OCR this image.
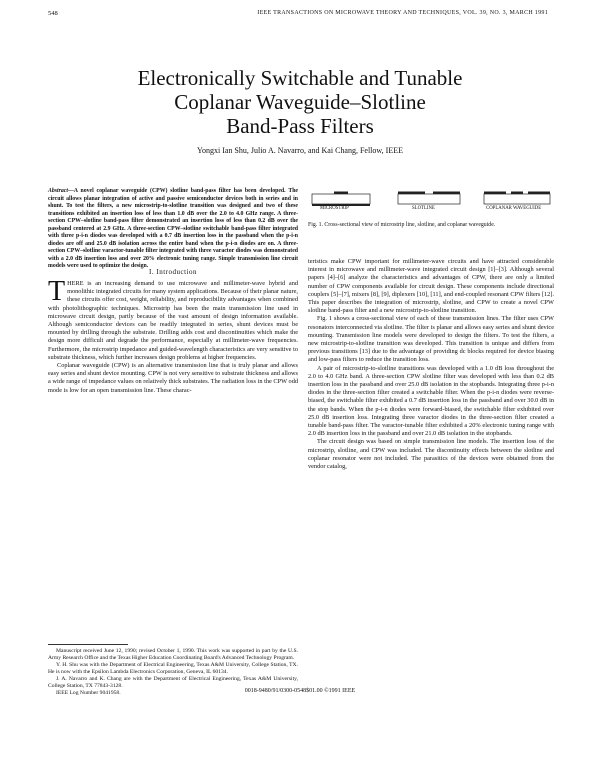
548	IEEE TRANSACTIONS ON MICROWAVE THEORY AND TECHNIQUES, VOL. 39, NO. 3, MARCH 1991
Electronically Switchable and Tunable
Coplanar Waveguide–Slotline
Band-Pass Filters
Yongxi Ian Shu, Julio A. Navarro, and Kai Chang, Fellow, IEEE
Abstract—A novel coplanar waveguide (CPW) slotline band-pass filter has been developed. The circuit allows planar integration of active and passive semiconductor devices both in series and in shunt. To test the filters, a new microstrip-to-slotline transition was designed and two of these transitions exhibited an insertion loss of less than 1.0 dB over the 2.0 to 4.0 GHz range. A three-section CPW–slotline band-pass filter demonstrated an insertion loss of less than 0.2 dB over the passband centered at 2.9 GHz. A three-section CPW–slotline switchable band-pass filter integrated with three p-i-n diodes was developed with a 0.7 dB insertion loss in the passband when the p-i-n diodes are off and 25.0 dB isolation across the entire band when the p-i-n diodes are on. A three-section CPW–slotline varactor-tunable filter integrated with three varactor diodes was demonstrated with a 2.0 dB insertion loss and over 20% electronic tuning range. Simple transmission line circuit models were used to optimize the design.
I. Introduction

THERE is an increasing demand to use microwave and millimeter-wave hybrid and monolithic integrated circuits for many system applications. Because of their planar nature, these circuits offer cost, weight, reliability, and reproducibility advantages when combined with photolithographic techniques. Microstrip has been the main transmission line used in microwave circuit design, partly because of the vast amount of design information available. Although semiconductor devices can be readily integrated in series, shunt devices must be mounted by drilling through the substrate. Drilling adds cost and discontinuities which make the design more difficult and degrade the performance, especially at millimeter-wave frequencies. Furthermore, the microstrip impedance and guided-wavelength characteristics are very sensitive to substrate thickness, which further increases design problems at higher frequencies.

Coplanar waveguide (CPW) is an alternative transmission line that is truly planar and allows easy series and shunt device mounting. CPW is not very sensitive to substrate thickness and allows a wide range of impedance values on relatively thick substrates. The radiation loss in the CPW odd mode is low for an open transmission line. These charac-

Manuscript received June 12, 1990; revised October 1, 1990. This work was supported in part by the U.S. Army Research Office and the Texas Higher Education Coordinating Board's Advanced Technology Program.

Y. H. Shu was with the Department of Electrical Engineering, Texas A&M University, College Station, TX. He is now with the Epsilon Lambda Electronics Corporation, Geneva, IL 60134.

J. A. Navarro and K. Chang are with the Department of Electrical Engineering, Texas A&M University, College Station, TX 77843-3128.

IEEE Log Number 9041958.

MICROSTRIP	SLOTLINE	COPLANAR WAVEGUIDE
Fig. 1. Cross-sectional view of microstrip line, slotline, and coplanar waveguide.

teristics make CPW important for millimeter-wave circuits and have attracted considerable interest in microwave and millimeter-wave integrated circuit design [1]–[3]. Although several papers [4]–[6] analyze the characteristics and advantages of CPW, there are only a limited number of CPW components available for circuit design. These components include directional couplers [5]–[7], mixers [8], [9], diplexers [10], [11], and end-coupled resonant CPW filters [12]. This paper describes the integration of microstrip, slotline, and CPW to create a novel CPW slotline band-pass filter and a new microstrip-to-slotline transition.

Fig. 1 shows a cross-sectional view of each of these transmission lines. The filter uses CPW resonators interconnected via slotline. The filter is planar and allows easy series and shunt device mounting. Transmission line models were developed to design the filters. To test the filters, a new microstrip-to-slotline transition was developed. This transition is unique and differs from previous transitions [13] due to the advantage of providing dc blocks required for device biasing and low-pass filters to reduce the transition loss.

A pair of microstrip-to-slotline transitions was developed with a 1.0 dB loss throughout the 2.0 to 4.0 GHz band. A three-section CPW slotline filter was developed with less than 0.2 dB insertion loss in the passband and over 25.0 dB isolation in the stopbands. Integrating three p-i-n diodes in the three-section filter created a switchable filter. When the p-i-n diodes were reverse-biased, the switchable filter exhibited a 0.7 dB insertion loss in the passband and over 30.0 dB in the stop bands. When the p-i-n diodes were forward-biased, the switchable filter exhibited over 25.0 dB insertion loss. Integrating three varactor diodes in the three-section filter created a tunable band-pass filter. The varactor-tunable filter exhibited a 20% electronic tuning range with 2.0 dB insertion loss in the passband and over 21.0 dB isolation in the stopbands.

The circuit design was based on simple transmission line models. The insertion loss of the microstrip, slotline, and CPW was included. The discontinuity effects between the slotline and coplanar resonator were not included. The parasitics of the devices were obtained from the vendor catalog,

0018-9480/91/0300-0548$01.00 ©1991 IEEE
